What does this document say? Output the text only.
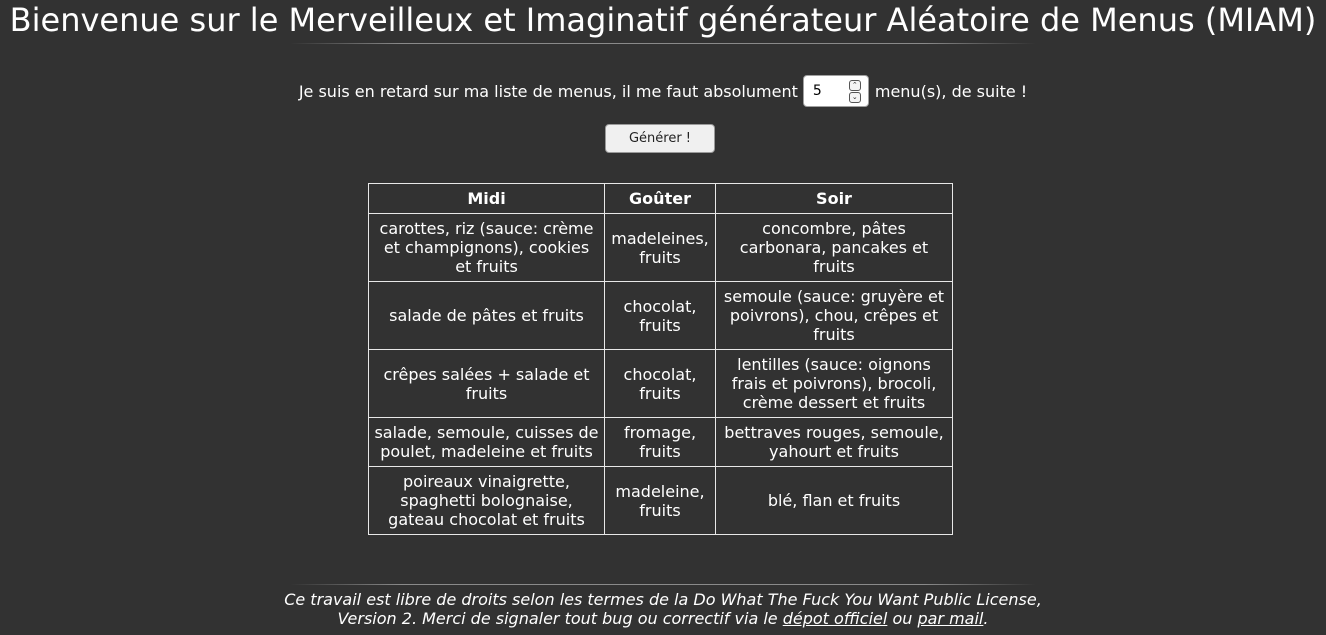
Bienvenue sur le Merveilleux et Imaginatif générateur Aléatoire de Menus (MIAM)
Je suis en retard sur ma liste de menus, il me faut absolument	5	⌃
⌄ menu(s), de suite !
Générer !
Midi	Goûter	Soir
carottes, riz (sauce: crème et champignons), cookies et fruits	madeleines, fruits	concombre, pâtes carbonara, pancakes et fruits
salade de pâtes et fruits	chocolat, fruits	semoule (sauce: gruyère et poivrons), chou, crêpes et fruits
crêpes salées + salade et fruits	chocolat, fruits	lentilles (sauce: oignons frais et poivrons), brocoli, crème dessert et fruits
salade, semoule, cuisses de poulet, madeleine et fruits	fromage, fruits	bettraves rouges, semoule, yahourt et fruits
poireaux vinaigrette, spaghetti bolognaise, gateau chocolat et fruits	madeleine, fruits	blé, flan et fruits
Ce travail est libre de droits selon les termes de la Do What The Fuck You Want Public License,
Version 2. Merci de signaler tout bug ou correctif via le dépot officiel ou par mail.
